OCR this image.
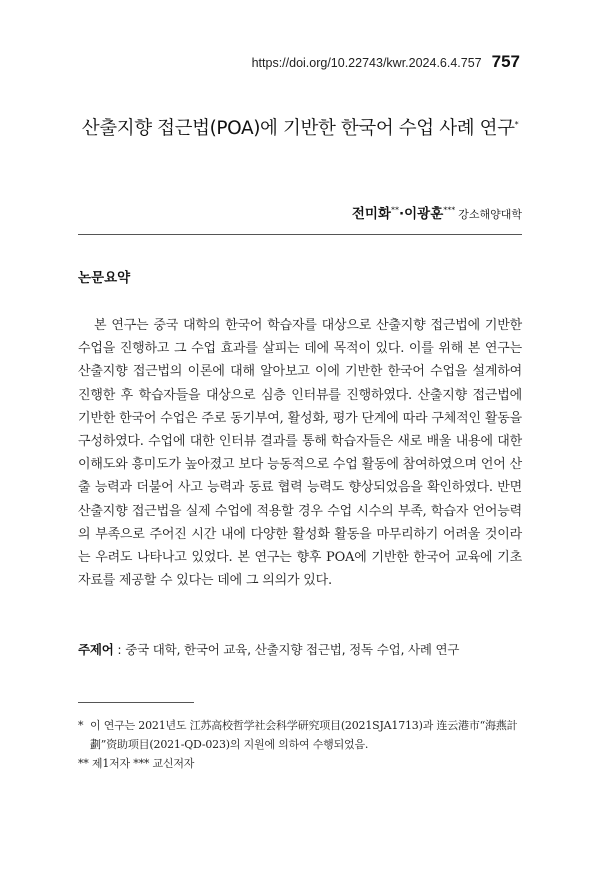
https://doi.org/10.22743/kwr.2024.6.4.757 757
산출지향 접근법(POA)에 기반한 한국어 수업 사례 연구*
전미화**·이광훈*** 강소해양대학
논문요약

본 연구는 중국 대학의 한국어 학습자를 대상으로 산출지향 접근법에 기반한 수업을 진행하고 그 수업 효과를 살피는 데에 목적이 있다. 이를 위해 본 연구는 산출지향 접근법의 이론에 대해 알아보고 이에 기반한 한국어 수업을 설계하여 진행한 후 학습자들을 대상으로 심층 인터뷰를 진행하였다. 산출지향 접근법에 기반한 한국어 수업은 주로 동기부여, 활성화, 평가 단계에 따라 구체적인 활동을 구성하였다. 수업에 대한 인터뷰 결과를 통해 학습자들은 새로 배울 내용에 대한 이해도와 흥미도가 높아졌고 보다 능동적으로 수업 활동에 참여하였으며 언어 산출 능력과 더불어 사고 능력과 동료 협력 능력도 향상되었음을 확인하였다. 반면 산출지향 접근법을 실제 수업에 적용할 경우 수업 시수의 부족, 학습자 언어능력의 부족으로 주어진 시간 내에 다양한 활성화 활동을 마무리하기 어려울 것이라는 우려도 나타나고 있었다. 본 연구는 향후 POA에 기반한 한국어 교육에 기초 자료를 제공할 수 있다는 데에 그 의의가 있다.

주제어 : 중국 대학, 한국어 교육, 산출지향 접근법, 정독 수업, 사례 연구
* 이 연구는 2021년도 江苏高校哲学社会科学研究项目(2021SJA1713)과 连云港市“海燕計劃”资助项目(2021-QD-023)의 지원에 의하여 수행되었음.
** 제1저자 *** 교신저자
